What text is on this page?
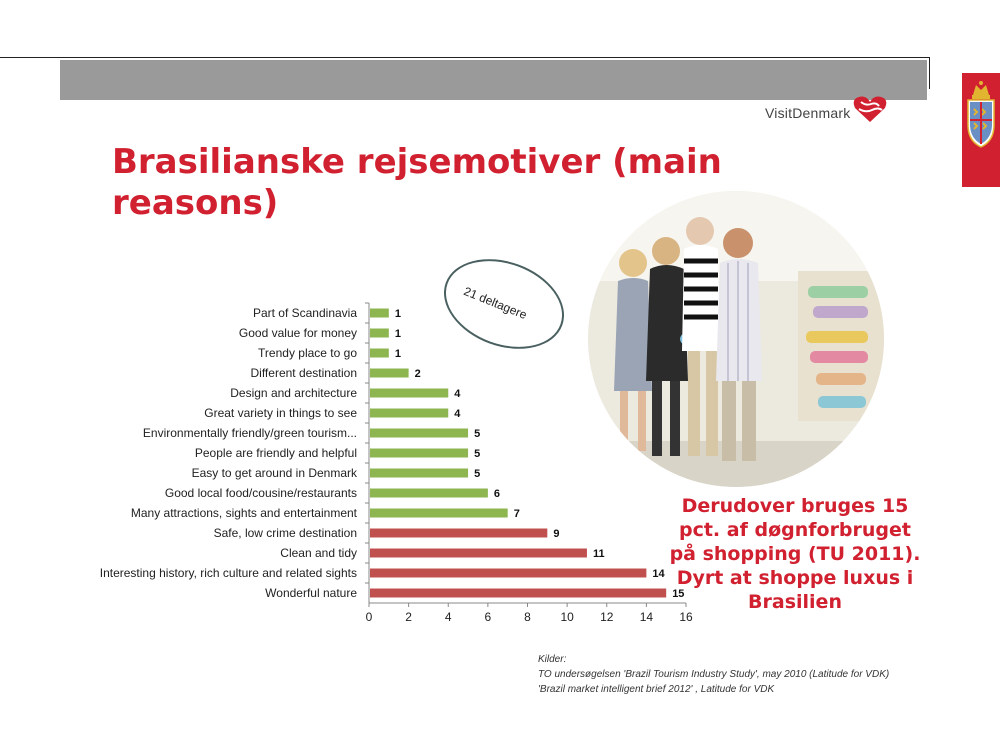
VisitDenmark
Brasilianske rejsemotiver (main reasons)
21 deltagere
Part of Scandinavia	1
Good value for money	1
Trendy place to go	1
Different destination	2
Design and architecture	4
Great variety in things to see	4
Environmentally friendly/green tourism...	5
People are friendly and helpful	5
Easy to get around in Denmark	5
Good local food/cousine/restaurants	6
Many attractions, sights and entertainment	7
Safe, low crime destination	9
Clean and tidy	11
Interesting history, rich culture and related sights	14
Wonderful nature	15
0	2	4	6	8 10 12 14 16
Derudover bruges 15
pct. af døgnforbruget
på shopping (TU 2011).
Dyrt at shoppe luxus i
Brasilien
Kilder:
TO undersøgelsen 'Brazil Tourism Industry Study', may 2010 (Latitude for VDK)
'Brazil market intelligent brief 2012' , Latitude for VDK
